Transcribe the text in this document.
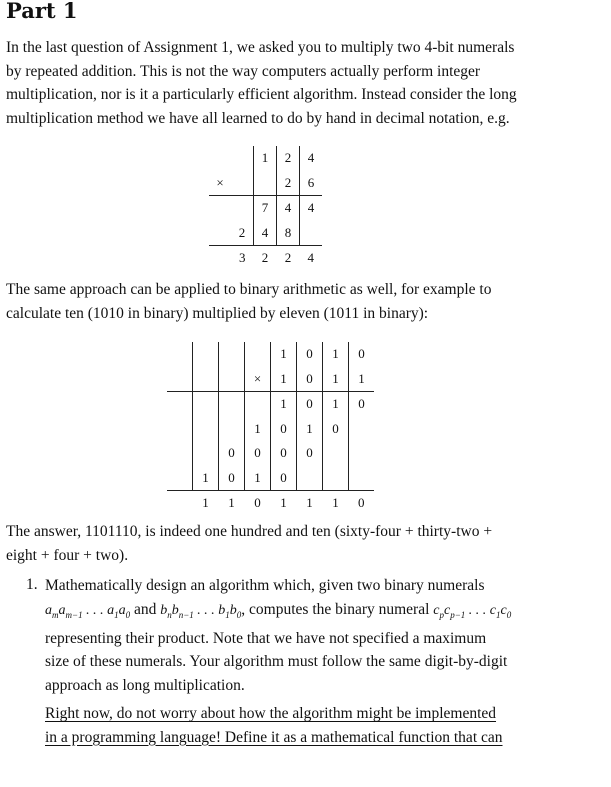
Part 1

In the last question of Assignment 1, we asked you to multiply two 4-bit numerals
by repeated addition. This is not the way computers actually perform integer
multiplication, nor is it a particularly efficient algorithm. Instead consider the long
multiplication method we have all learned to do by hand in decimal notation, e.g.

		1	2	4
×			2	6
		7	4	4
	2	4	8	
	3	2	2	4

The same approach can be applied to binary arithmetic as well, for example to
calculate ten (1010 in binary) multiplied by eleven (1011 in binary):

				1	0	1	0
			×	1	0	1	1
				1	0	1	0
			1	0	1	0	
		0	0	0	0		
	1	0	1	0			
	1	1	0	1	1	1	0

The answer, 1101110, is indeed one hundred and ten (sixty-four + thirty-two +
eight + four + two).

1. Mathematically design an algorithm which, given two binary numerals
$a_ma_{m-1}$ . . . $a_1a_0$ and $b_nb_{n-1}$ . . . $b_1b_0$, computes the binary numeral $c_pc_{p-1}$ . . . $c_1c_0$
representing their product. Note that we have not specified a maximum
size of these numerals. Your algorithm must follow the same digit-by-digit
approach as long multiplication.
Right now, do not worry about how the algorithm might be implemented
in a programming language! Define it as a mathematical function that can
